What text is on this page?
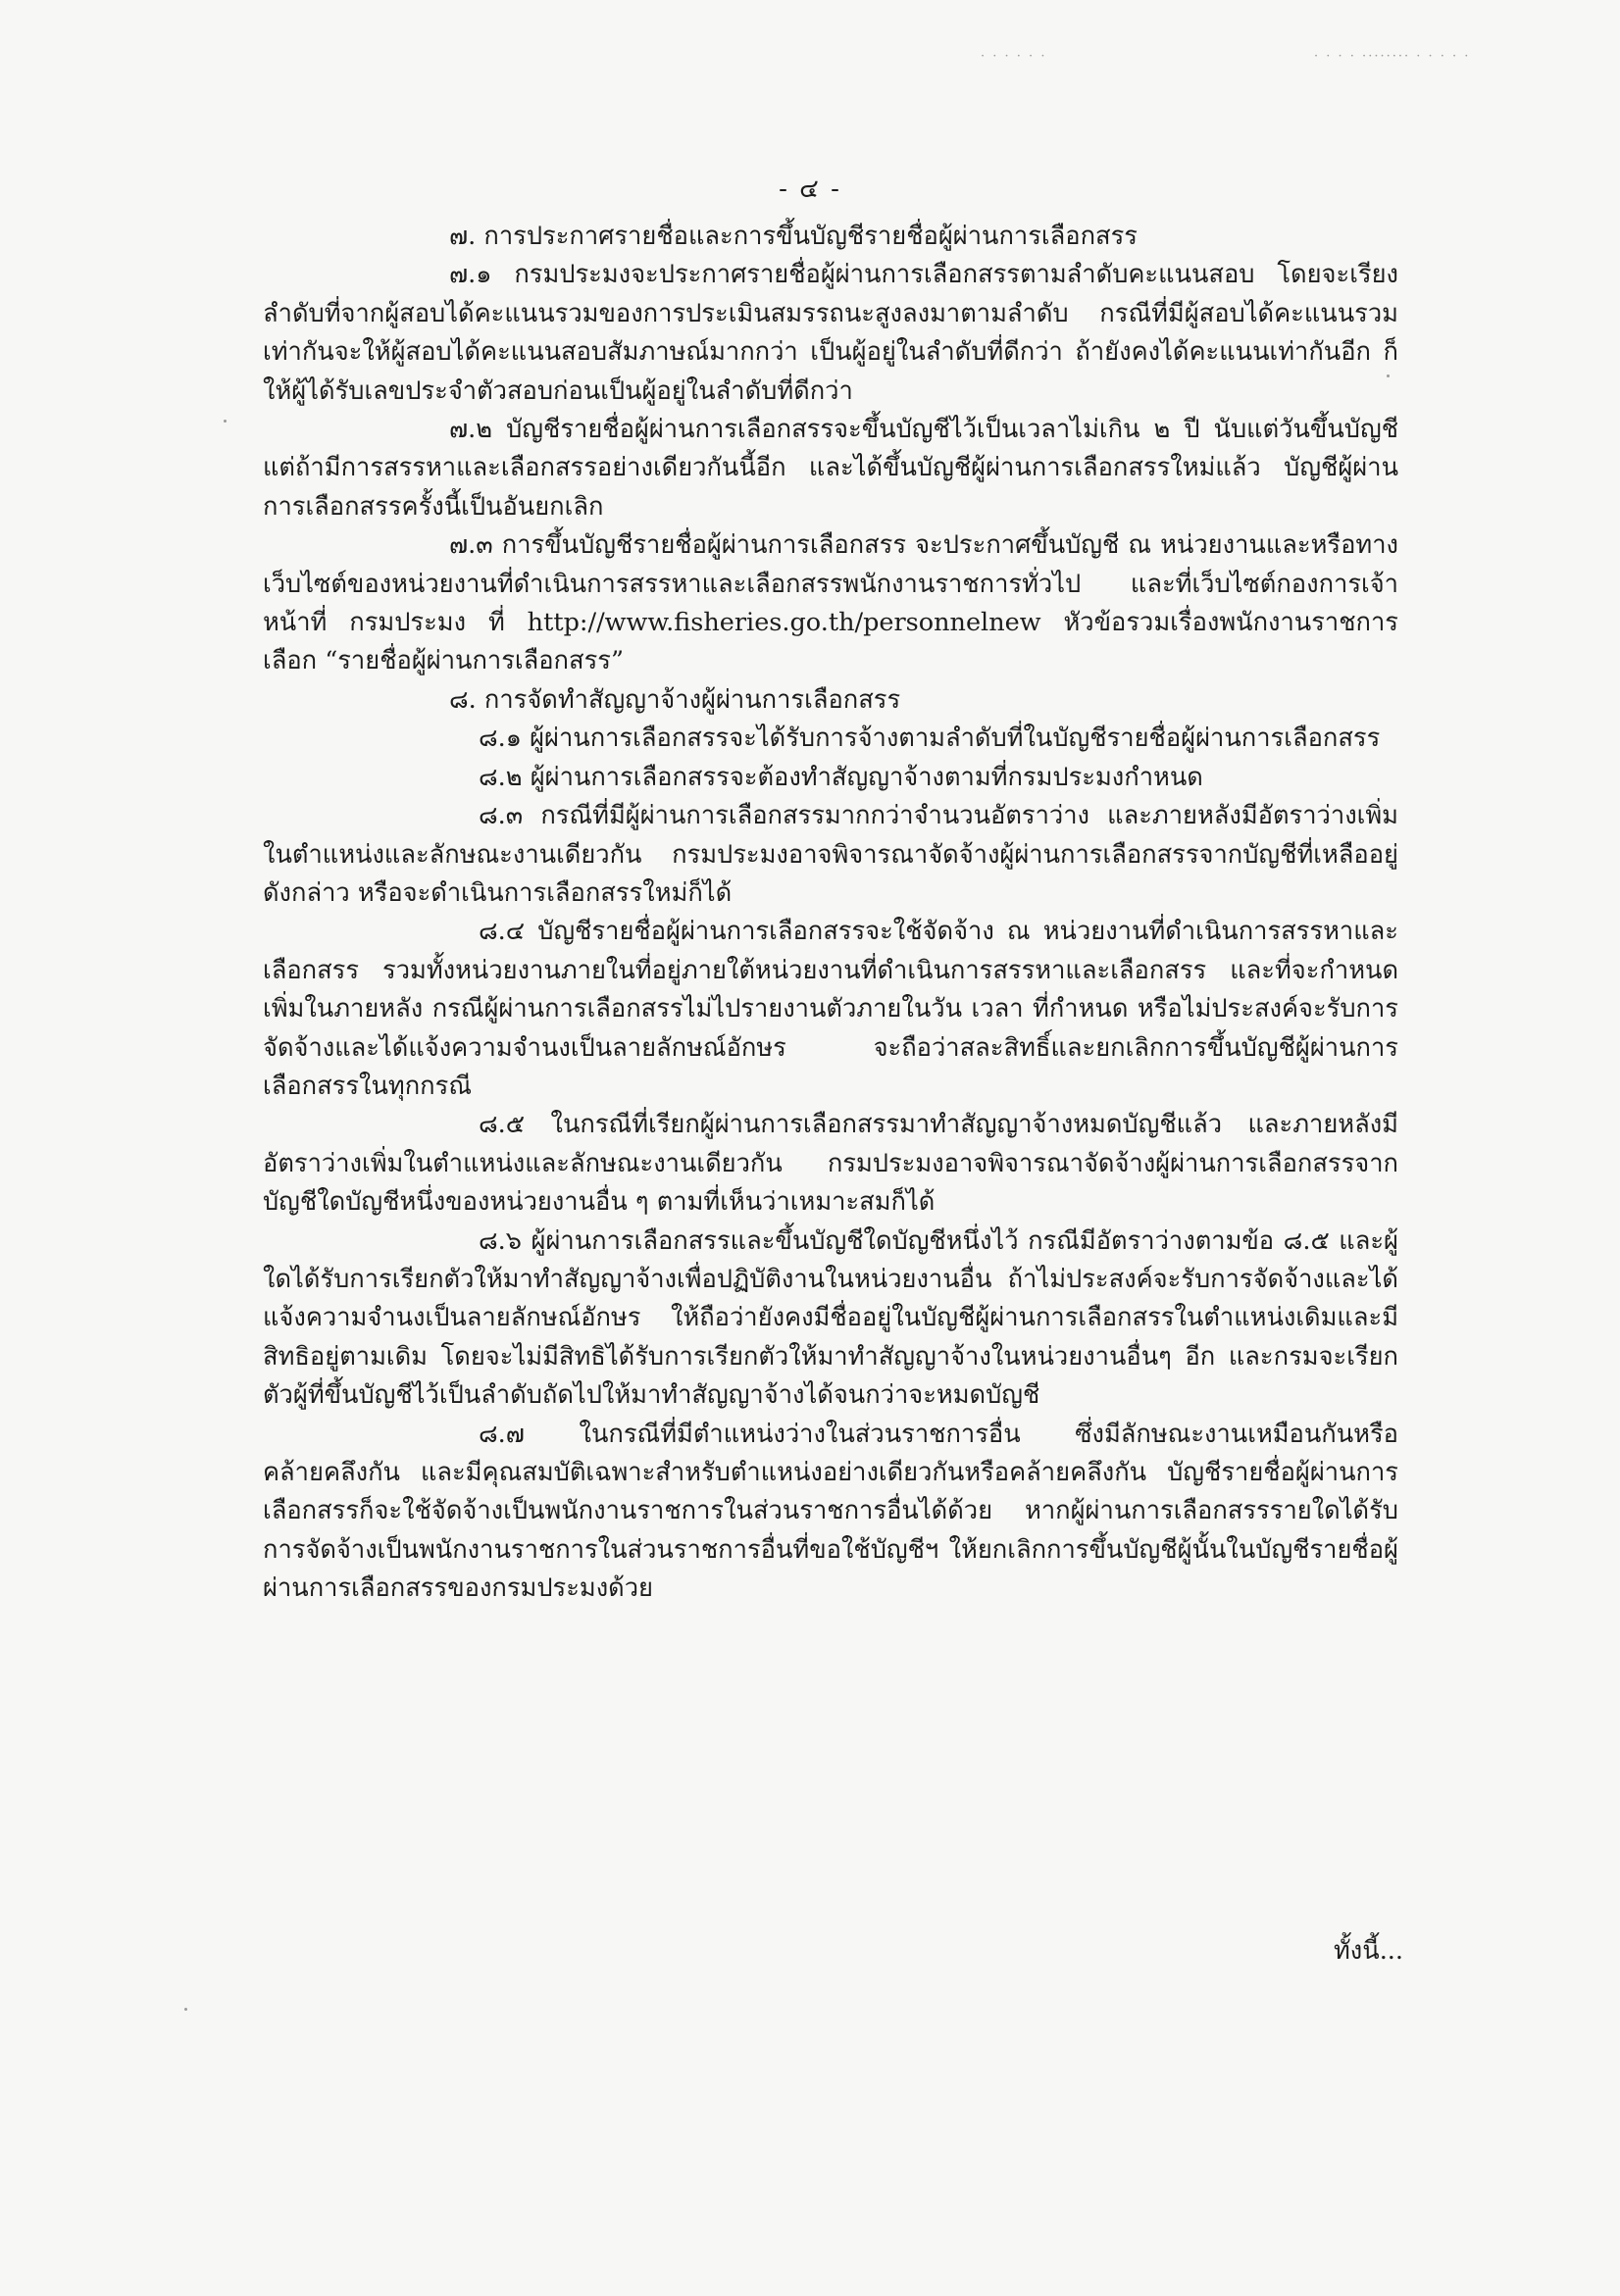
· · · · · ·	· · · · ········ · · · · ·
- ๔ -

๗. การประกาศรายชื่อและการขึ้นบัญชีรายชื่อผู้ผ่านการเลือกสรร

๗.๑ กรมประมงจะประกาศรายชื่อผู้ผ่านการเลือกสรรตามลำดับคะแนนสอบ โดยจะเรียงลำดับที่จากผู้สอบได้คะแนนรวมของการประเมินสมรรถนะสูงลงมาตามลำดับ กรณีที่มีผู้สอบได้คะแนนรวมเท่ากันจะให้ผู้สอบได้คะแนนสอบสัมภาษณ์มากกว่า เป็นผู้อยู่ในลำดับที่ดีกว่า ถ้ายังคงได้คะแนนเท่ากันอีก ก็ให้ผู้ได้รับเลขประจำตัวสอบก่อนเป็นผู้อยู่ในลำดับที่ดีกว่า

๗.๒ บัญชีรายชื่อผู้ผ่านการเลือกสรรจะขึ้นบัญชีไว้เป็นเวลาไม่เกิน ๒ ปี นับแต่วันขึ้นบัญชี แต่ถ้ามีการสรรหาและเลือกสรรอย่างเดียวกันนี้อีก และได้ขึ้นบัญชีผู้ผ่านการเลือกสรรใหม่แล้ว บัญชีผู้ผ่านการเลือกสรรครั้งนี้เป็นอันยกเลิก

๗.๓ การขึ้นบัญชีรายชื่อผู้ผ่านการเลือกสรร จะประกาศขึ้นบัญชี ณ หน่วยงานและหรือทางเว็บไซต์ของหน่วยงานที่ดำเนินการสรรหาและเลือกสรรพนักงานราชการทั่วไป และที่เว็บไซต์กองการเจ้าหน้าที่ กรมประมง ที่ http://www.fisheries.go.th/personnelnew หัวข้อรวมเรื่องพนักงานราชการ เลือก “รายชื่อผู้ผ่านการเลือกสรร”

๘. การจัดทำสัญญาจ้างผู้ผ่านการเลือกสรร

๘.๑ ผู้ผ่านการเลือกสรรจะได้รับการจ้างตามลำดับที่ในบัญชีรายชื่อผู้ผ่านการเลือกสรร

๘.๒ ผู้ผ่านการเลือกสรรจะต้องทำสัญญาจ้างตามที่กรมประมงกำหนด

๘.๓ กรณีที่มีผู้ผ่านการเลือกสรรมากกว่าจำนวนอัตราว่าง และภายหลังมีอัตราว่างเพิ่มในตำแหน่งและลักษณะงานเดียวกัน กรมประมงอาจพิจารณาจัดจ้างผู้ผ่านการเลือกสรรจากบัญชีที่เหลืออยู่ดังกล่าว หรือจะดำเนินการเลือกสรรใหม่ก็ได้

๘.๔ บัญชีรายชื่อผู้ผ่านการเลือกสรรจะใช้จัดจ้าง ณ หน่วยงานที่ดำเนินการสรรหาและเลือกสรร รวมทั้งหน่วยงานภายในที่อยู่ภายใต้หน่วยงานที่ดำเนินการสรรหาและเลือกสรร และที่จะกำหนดเพิ่มในภายหลัง กรณีผู้ผ่านการเลือกสรรไม่ไปรายงานตัวภายในวัน เวลา ที่กำหนด หรือไม่ประสงค์จะรับการจัดจ้างและได้แจ้งความจำนงเป็นลายลักษณ์อักษร จะถือว่าสละสิทธิ์และยกเลิกการขึ้นบัญชีผู้ผ่านการเลือกสรรในทุกกรณี

๘.๕ ในกรณีที่เรียกผู้ผ่านการเลือกสรรมาทำสัญญาจ้างหมดบัญชีแล้ว และภายหลังมีอัตราว่างเพิ่มในตำแหน่งและลักษณะงานเดียวกัน กรมประมงอาจพิจารณาจัดจ้างผู้ผ่านการเลือกสรรจากบัญชีใดบัญชีหนึ่งของหน่วยงานอื่น ๆ ตามที่เห็นว่าเหมาะสมก็ได้

๘.๖ ผู้ผ่านการเลือกสรรและขึ้นบัญชีใดบัญชีหนึ่งไว้ กรณีมีอัตราว่างตามข้อ ๘.๕ และผู้ใดได้รับการเรียกตัวให้มาทำสัญญาจ้างเพื่อปฏิบัติงานในหน่วยงานอื่น ถ้าไม่ประสงค์จะรับการจัดจ้างและได้แจ้งความจำนงเป็นลายลักษณ์อักษร ให้ถือว่ายังคงมีชื่ออยู่ในบัญชีผู้ผ่านการเลือกสรรในตำแหน่งเดิมและมีสิทธิอยู่ตามเดิม โดยจะไม่มีสิทธิได้รับการเรียกตัวให้มาทำสัญญาจ้างในหน่วยงานอื่นๆ อีก และกรมจะเรียกตัวผู้ที่ขึ้นบัญชีไว้เป็นลำดับถัดไปให้มาทำสัญญาจ้างได้จนกว่าจะหมดบัญชี

๘.๗ ในกรณีที่มีตำแหน่งว่างในส่วนราชการอื่น ซึ่งมีลักษณะงานเหมือนกันหรือคล้ายคลึงกัน และมีคุณสมบัติเฉพาะสำหรับตำแหน่งอย่างเดียวกันหรือคล้ายคลึงกัน บัญชีรายชื่อผู้ผ่านการเลือกสรรก็จะใช้จัดจ้างเป็นพนักงานราชการในส่วนราชการอื่นได้ด้วย หากผู้ผ่านการเลือกสรรรายใดได้รับการจัดจ้างเป็นพนักงานราชการในส่วนราชการอื่นที่ขอใช้บัญชีฯ ให้ยกเลิกการขึ้นบัญชีผู้นั้นในบัญชีรายชื่อผู้ผ่านการเลือกสรรของกรมประมงด้วย

ทั้งนี้...
